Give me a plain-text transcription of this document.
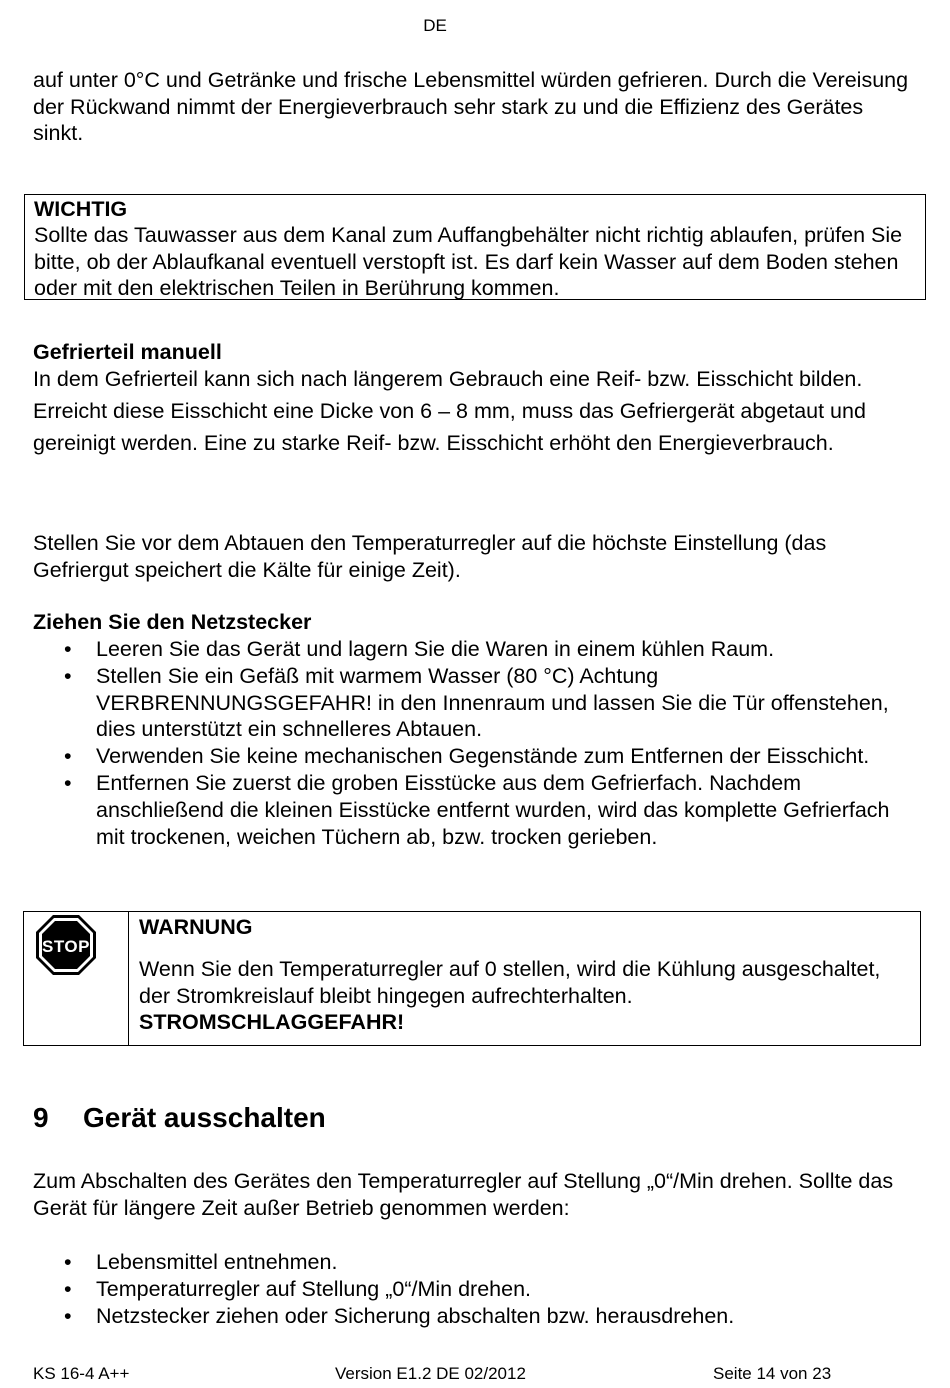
DE
auf unter 0°C und Getränke und frische Lebensmittel würden gefrieren. Durch die Vereisung der Rückwand nimmt der Energieverbrauch sehr stark zu und die Effizienz des Gerätes sinkt.
WICHTIG
Sollte das Tauwasser aus dem Kanal zum Auffangbehälter nicht richtig ablaufen, prüfen Sie bitte, ob der Ablaufkanal eventuell verstopft ist. Es darf kein Wasser auf dem Boden stehen oder mit den elektrischen Teilen in Berührung kommen.
Gefrierteil manuell
In dem Gefrierteil kann sich nach längerem Gebrauch eine Reif- bzw. Eisschicht bilden. Erreicht diese Eisschicht eine Dicke von 6 – 8 mm, muss das Gefriergerät abgetaut und gereinigt werden. Eine zu starke Reif- bzw. Eisschicht erhöht den Energieverbrauch.
Stellen Sie vor dem Abtauen den Temperaturregler auf die höchste Einstellung (das Gefriergut speichert die Kälte für einige Zeit).
Ziehen Sie den Netzstecker
• Leeren Sie das Gerät und lagern Sie die Waren in einem kühlen Raum.
• Stellen Sie ein Gefäß mit warmem Wasser (80 °C) Achtung VERBRENNUNGSGEFAHR! in den Innenraum und lassen Sie die Tür offenstehen, dies unterstützt ein schnelleres Abtauen.
• Verwenden Sie keine mechanischen Gegenstände zum Entfernen der Eisschicht.
• Entfernen Sie zuerst die groben Eisstücke aus dem Gefrierfach. Nachdem anschließend die kleinen Eisstücke entfernt wurden, wird das komplette Gefrierfach mit trockenen, weichen Tüchern ab, bzw. trocken gerieben.
STOP
WARNUNG
Wenn Sie den Temperaturregler auf 0 stellen, wird die Kühlung ausgeschaltet, der Stromkreislauf bleibt hingegen aufrechterhalten.
STROMSCHLAGGEFAHR!
9 Gerät ausschalten
Zum Abschalten des Gerätes den Temperaturregler auf Stellung „0“/Min drehen. Sollte das Gerät für längere Zeit außer Betrieb genommen werden:
• Lebensmittel entnehmen.
• Temperaturregler auf Stellung „0“/Min drehen.
• Netzstecker ziehen oder Sicherung abschalten bzw. herausdrehen.
KS 16-4 A++	Version E1.2 DE 02/2012	Seite 14 von 23
